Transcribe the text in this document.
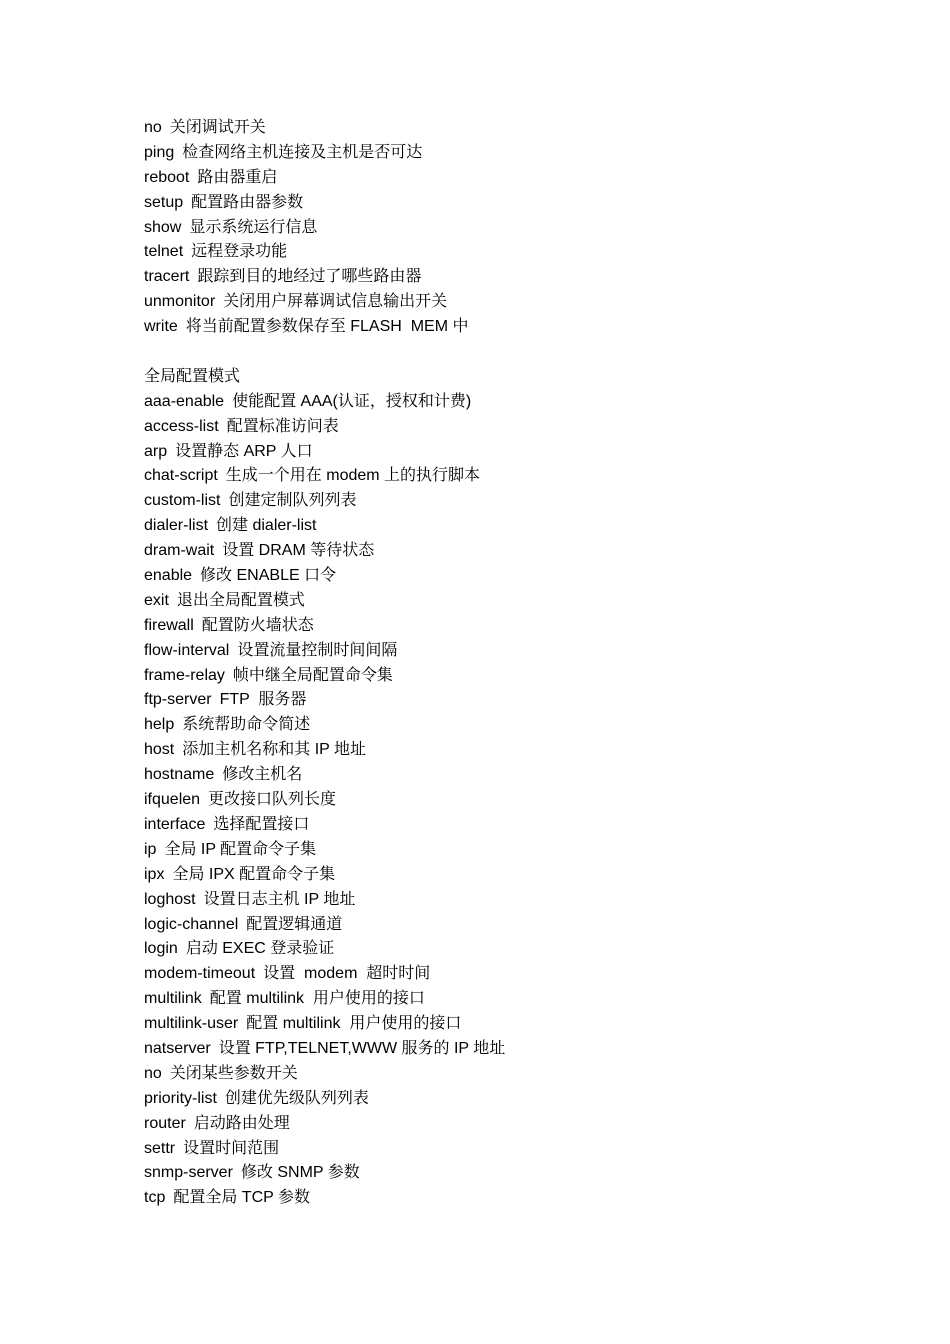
no 关闭调试开关
ping 检查网络主机连接及主机是否可达
reboot 路由器重启
setup 配置路由器参数
show 显示系统运行信息
telnet 远程登录功能
tracert 跟踪到目的地经过了哪些路由器
unmonitor 关闭用户屏幕调试信息输出开关
write 将当前配置参数保存至 FLASH  MEM 中
全局配置模式
aaa-enable 使能配置 AAA(认证，授权和计费)
access-list 配置标准访问表
arp 设置静态 ARP 人口
chat-script 生成一个用在 modem 上的执行脚本
custom-list 创建定制队列列表
dialer-list 创建 dialer-list
dram-wait 设置 DRAM 等待状态
enable 修改 ENABLE 口令
exit 退出全局配置模式
firewall 配置防火墙状态
flow-interval 设置流量控制时间间隔
frame-relay 帧中继全局配置命令集
ftp-server FTP  服务器
help 系统帮助命令简述
host 添加主机名称和其 IP 地址
hostname 修改主机名
ifquelen 更改接口队列长度
interface 选择配置接口
ip 全局 IP 配置命令子集
ipx 全局 IPX 配置命令子集
loghost 设置日志主机 IP 地址
logic-channel 配置逻辑通道
login 启动 EXEC 登录验证
modem-timeout 设置  modem  超时时间
multilink 配置 multilink  用户使用的接口
multilink-user 配置 multilink  用户使用的接口
natserver 设置 FTP,TELNET,WWW 服务的 IP 地址
no 关闭某些参数开关
priority-list 创建优先级队列列表
router 启动路由处理
settr 设置时间范围
snmp-server 修改 SNMP 参数
tcp 配置全局 TCP 参数
